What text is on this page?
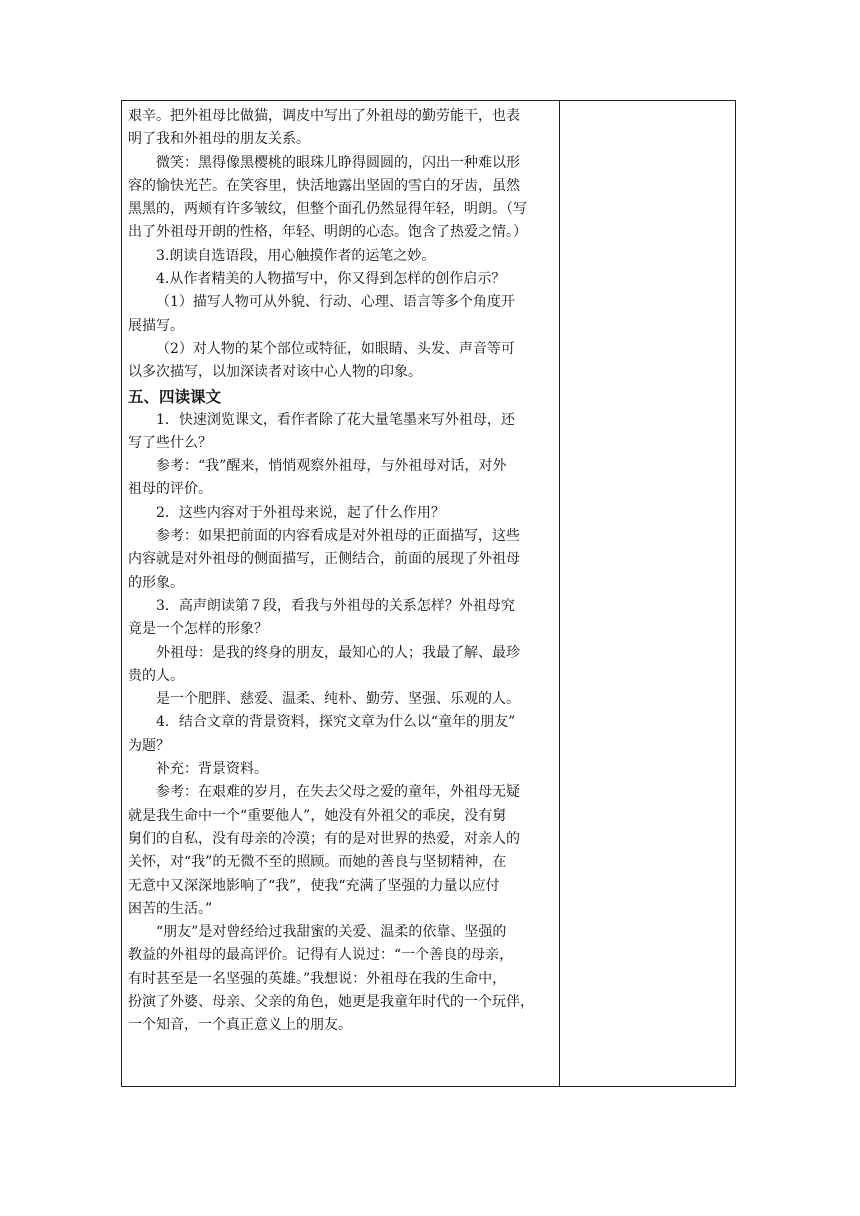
艰辛。把外祖母比做猫，调皮中写出了外祖母的勤劳能干，也表
明了我和外祖母的朋友关系。

微笑：黑得像黑樱桃的眼珠儿睁得圆圆的，闪出一种难以形
容的愉快光芒。在笑容里，快活地露出坚固的雪白的牙齿，虽然
黑黑的，两颊有许多皱纹，但整个面孔仍然显得年轻，明朗。（写
出了外祖母开朗的性格，年轻、明朗的心态。饱含了热爱之情。）

3.朗读自选语段，用心触摸作者的运笔之妙。

4.从作者精美的人物描写中，你又得到怎样的创作启示？

（1）描写人物可从外貌、行动、心理、语言等多个角度开
展描写。

（2）对人物的某个部位或特征，如眼睛、头发、声音等可
以多次描写，以加深读者对该中心人物的印象。

五、四读课文

1．快速浏览课文，看作者除了花大量笔墨来写外祖母，还
写了些什么？

参考：“我”醒来，悄悄观察外祖母，与外祖母对话，对外
祖母的评价。

2．这些内容对于外祖母来说，起了什么作用？

参考：如果把前面的内容看成是对外祖母的正面描写，这些
内容就是对外祖母的侧面描写，正侧结合，前面的展现了外祖母
的形象。

3．高声朗读第７段，看我与外祖母的关系怎样？外祖母究
竟是一个怎样的形象？

外祖母：是我的终身的朋友，最知心的人；我最了解、最珍
贵的人。

是一个肥胖、慈爱、温柔、纯朴、勤劳、坚强、乐观的人。

4．结合文章的背景资料，探究文章为什么以“童年的朋友”
为题？

补充：背景资料。

参考：在艰难的岁月，在失去父母之爱的童年，外祖母无疑
就是我生命中一个“重要他人”，她没有外祖父的乖戾，没有舅
舅们的自私，没有母亲的冷漠；有的是对世界的热爱，对亲人的
关怀，对“我”的无微不至的照顾。而她的善良与坚韧精神，在
无意中又深深地影响了“我”，使我“充满了坚强的力量以应付
困苦的生活。”

“朋友”是对曾经给过我甜蜜的关爱、温柔的依靠、坚强的
教益的外祖母的最高评价。记得有人说过：“一个善良的母亲，
有时甚至是一名坚强的英雄。”我想说：外祖母在我的生命中，
扮演了外婆、母亲、父亲的角色，她更是我童年时代的一个玩伴，
一个知音，一个真正意义上的朋友。
